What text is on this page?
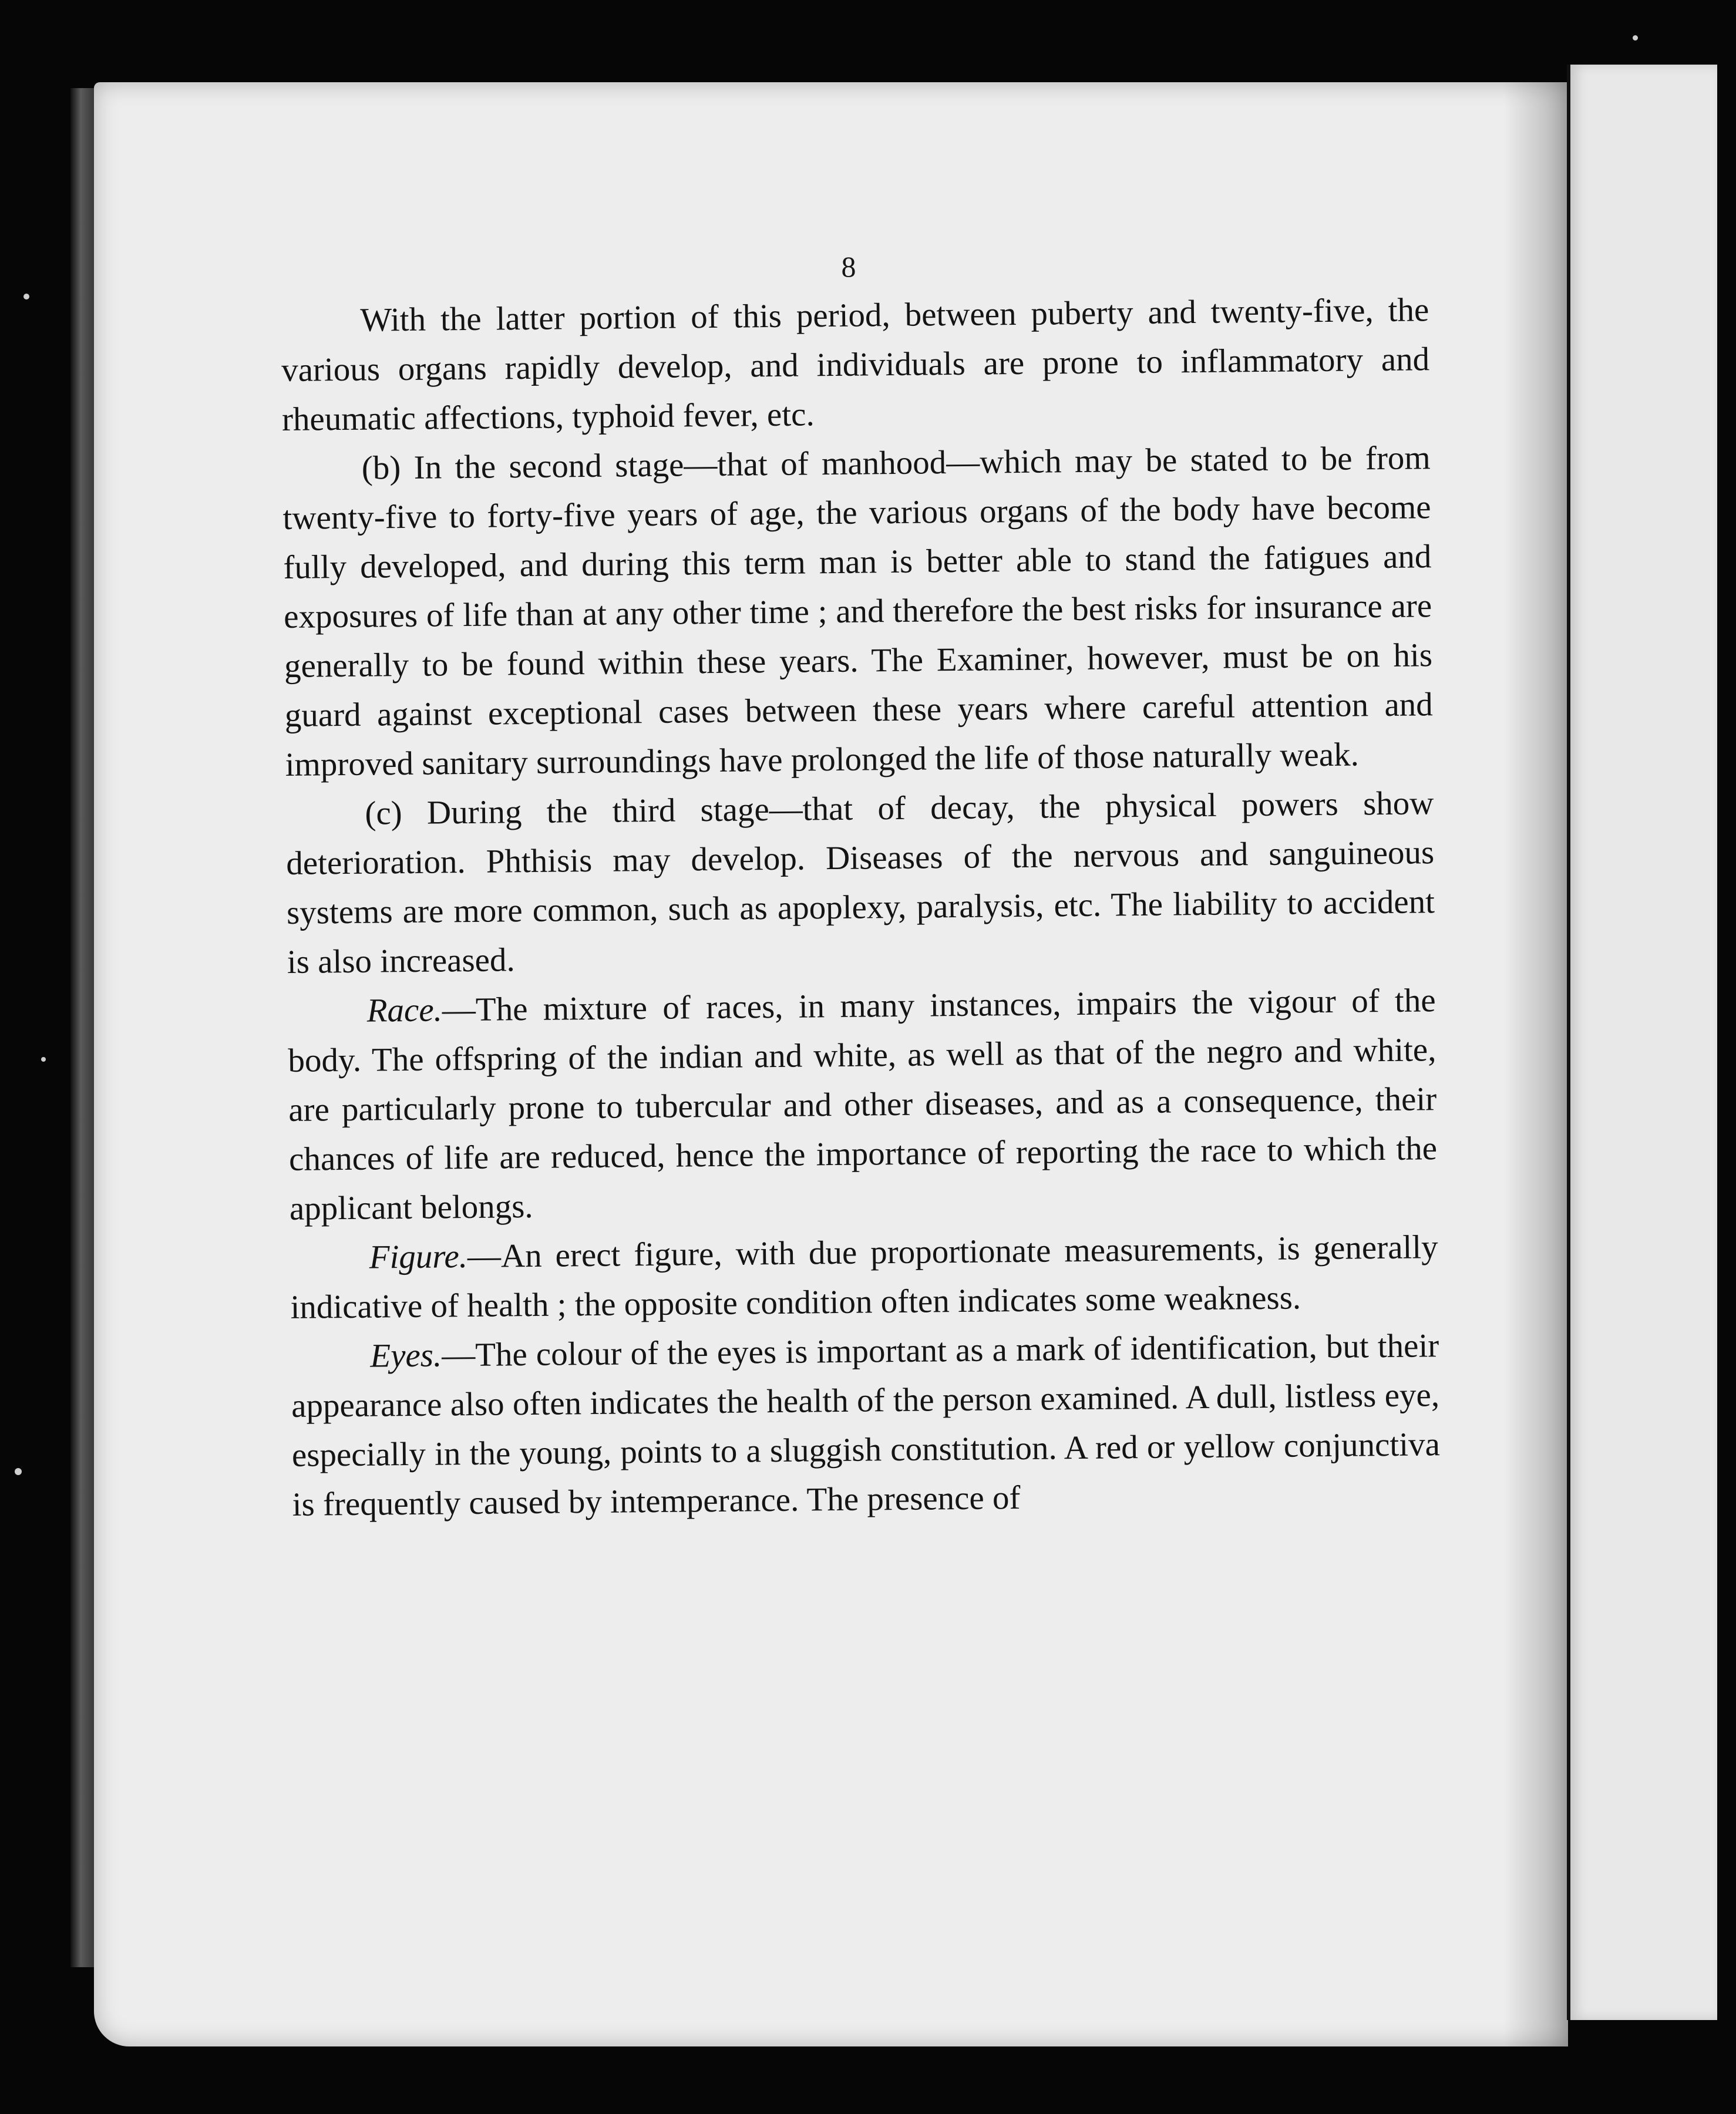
8

With the latter portion of this period, between puberty and twenty-five, the various organs rapidly develop, and individuals are prone to inflammatory and rheumatic affections, typhoid fever, etc.

(b) In the second stage—that of manhood—which may be stated to be from twenty-five to forty-five years of age, the various organs of the body have become fully developed, and during this term man is better able to stand the fatigues and exposures of life than at any other time ; and therefore the best risks for insurance are generally to be found within these years. The Examiner, however, must be on his guard against exceptional cases between these years where careful attention and improved sanitary surroundings have prolonged the life of those naturally weak.

(c) During the third stage—that of decay, the physical powers show deterioration. Phthisis may develop. Diseases of the nervous and sanguineous systems are more common, such as apoplexy, paralysis, etc. The liability to accident is also increased.

Race.—The mixture of races, in many instances, impairs the vigour of the body. The offspring of the indian and white, as well as that of the negro and white, are particularly prone to tubercular and other diseases, and as a consequence, their chances of life are reduced, hence the importance of reporting the race to which the applicant belongs.

Figure.—An erect figure, with due proportionate measurements, is generally indicative of health ; the opposite condition often indicates some weakness.

Eyes.—The colour of the eyes is important as a mark of identification, but their appearance also often indicates the health of the person examined. A dull, listless eye, especially in the young, points to a sluggish constitution. A red or yellow conjunctiva is frequently caused by intemperance. The presence of
